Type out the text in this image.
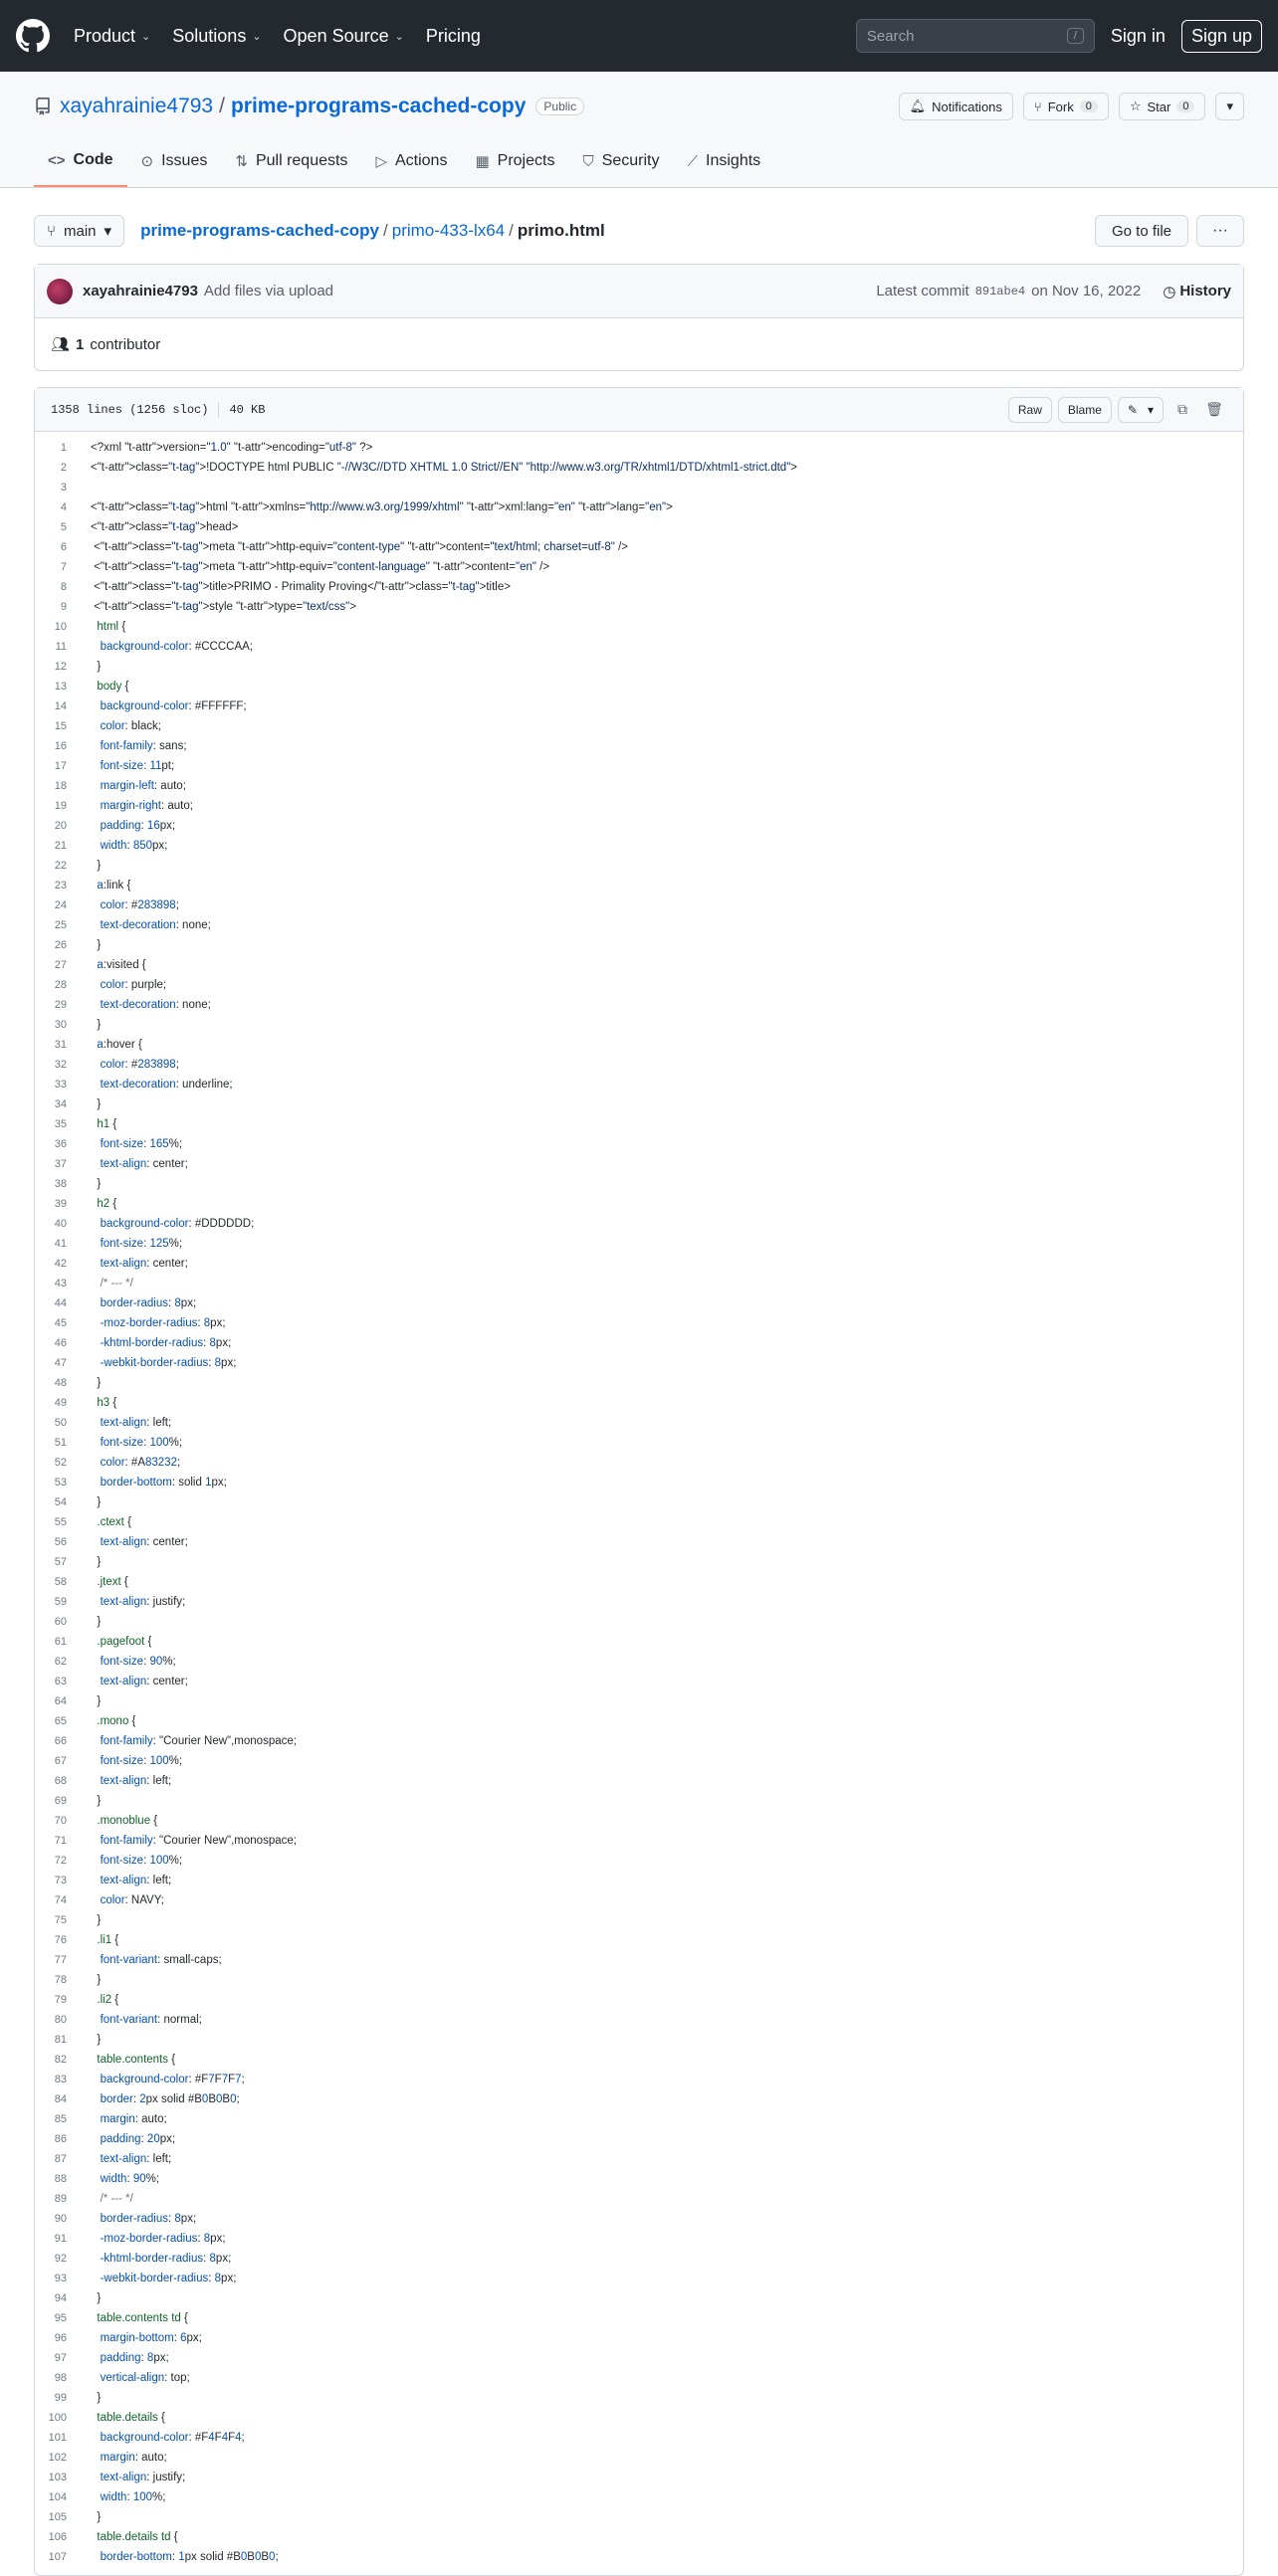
Product ⌄ Solutions ⌄ Open Source ⌄ Pricing	Search	/	Sign in	Sign up
xayahrainie4793 / prime-programs-cached-copy	Public	🔔︎ Notifications ⑂ Fork	0	☆ Star	0	▾
<> Code ⊙ Issues ⇅ Pull requests ▷ Actions ▦ Projects ⛉ Security ⟋ Insights
⑂ main ▾ prime-programs-cached-copy / primo-433-lx64 / primo.html	Go to file	···
xayahrainie4793 Add files via upload	Latest commit 891abe4 on Nov 16, 2022 ◷ History
👥︎ 1 contributor
1358 lines (1256 sloc) 40 KB	Raw	Blame	✎ ▾	⧉	🗑︎
1	<?xml "t-attr">version="1.0" "t-attr">encoding="utf-8" ?>
2	<"t-attr">class="t-tag">!DOCTYPE html PUBLIC "-//W3C//DTD XHTML 1.0 Strict//EN" "http://www.w3.org/TR/xhtml1/DTD/xhtml1-strict.dtd">
3
4	<"t-attr">class="t-tag">html "t-attr">xmlns="http://www.w3.org/1999/xhtml" "t-attr">xml:lang="en" "t-attr">lang="en">
5	<"t-attr">class="t-tag">head>
6	<"t-attr">class="t-tag">meta "t-attr">http-equiv="content-type" "t-attr">content="text/html; charset=utf-8" />
7	<"t-attr">class="t-tag">meta "t-attr">http-equiv="content-language" "t-attr">content="en" />
8	<"t-attr">class="t-tag">title>PRIMO - Primality Proving</"t-attr">class="t-tag">title>
9	<"t-attr">class="t-tag">style "t-attr">type="text/css">
10	html {
11	background-color: #CCCCAA;
12	}
13	body {
14	background-color: #FFFFFF;
15	color: black;
16	font-family: sans;
17	font-size: 11pt;
18	margin-left: auto;
19	margin-right: auto;
20	padding: 16px;
21	width: 850px;
22	}
23	a:link {
24	color: #283898;
25	text-decoration: none;
26	}
27	a:visited {
28	color: purple;
29	text-decoration: none;
30	}
31	a:hover {
32	color: #283898;
33	text-decoration: underline;
34	}
35	h1 {
36	font-size: 165%;
37	text-align: center;
38	}
39	h2 {
40	background-color: #DDDDDD;
41	font-size: 125%;
42	text-align: center;
43	/* --- */
44	border-radius: 8px;
45	-moz-border-radius: 8px;
46	-khtml-border-radius: 8px;
47	-webkit-border-radius: 8px;
48	}
49	h3 {
50	text-align: left;
51	font-size: 100%;
52	color: #A83232;
53	border-bottom: solid 1px;
54	}
55	.ctext {
56	text-align: center;
57	}
58	.jtext {
59	text-align: justify;
60	}
61	.pagefoot {
62	font-size: 90%;
63	text-align: center;
64	}
65	.mono {
66	font-family: "Courier New",monospace;
67	font-size: 100%;
68	text-align: left;
69	}
70	.monoblue {
71	font-family: "Courier New",monospace;
72	font-size: 100%;
73	text-align: left;
74	color: NAVY;
75	}
76	.li1 {
77	font-variant: small-caps;
78	}
79	.li2 {
80	font-variant: normal;
81	}
82	table.contents {
83	background-color: #F7F7F7;
84	border: 2px solid #B0B0B0;
85	margin: auto;
86	padding: 20px;
87	text-align: left;
88	width: 90%;
89	/* --- */
90	border-radius: 8px;
91	-moz-border-radius: 8px;
92	-khtml-border-radius: 8px;
93	-webkit-border-radius: 8px;
94	}
95	table.contents td {
96	margin-bottom: 6px;
97	padding: 8px;
98	vertical-align: top;
99	}
100	table.details {
101	background-color: #F4F4F4;
102	margin: auto;
103	text-align: justify;
104	width: 100%;
105	}
106	table.details td {
107	border-bottom: 1px solid #B0B0B0;
